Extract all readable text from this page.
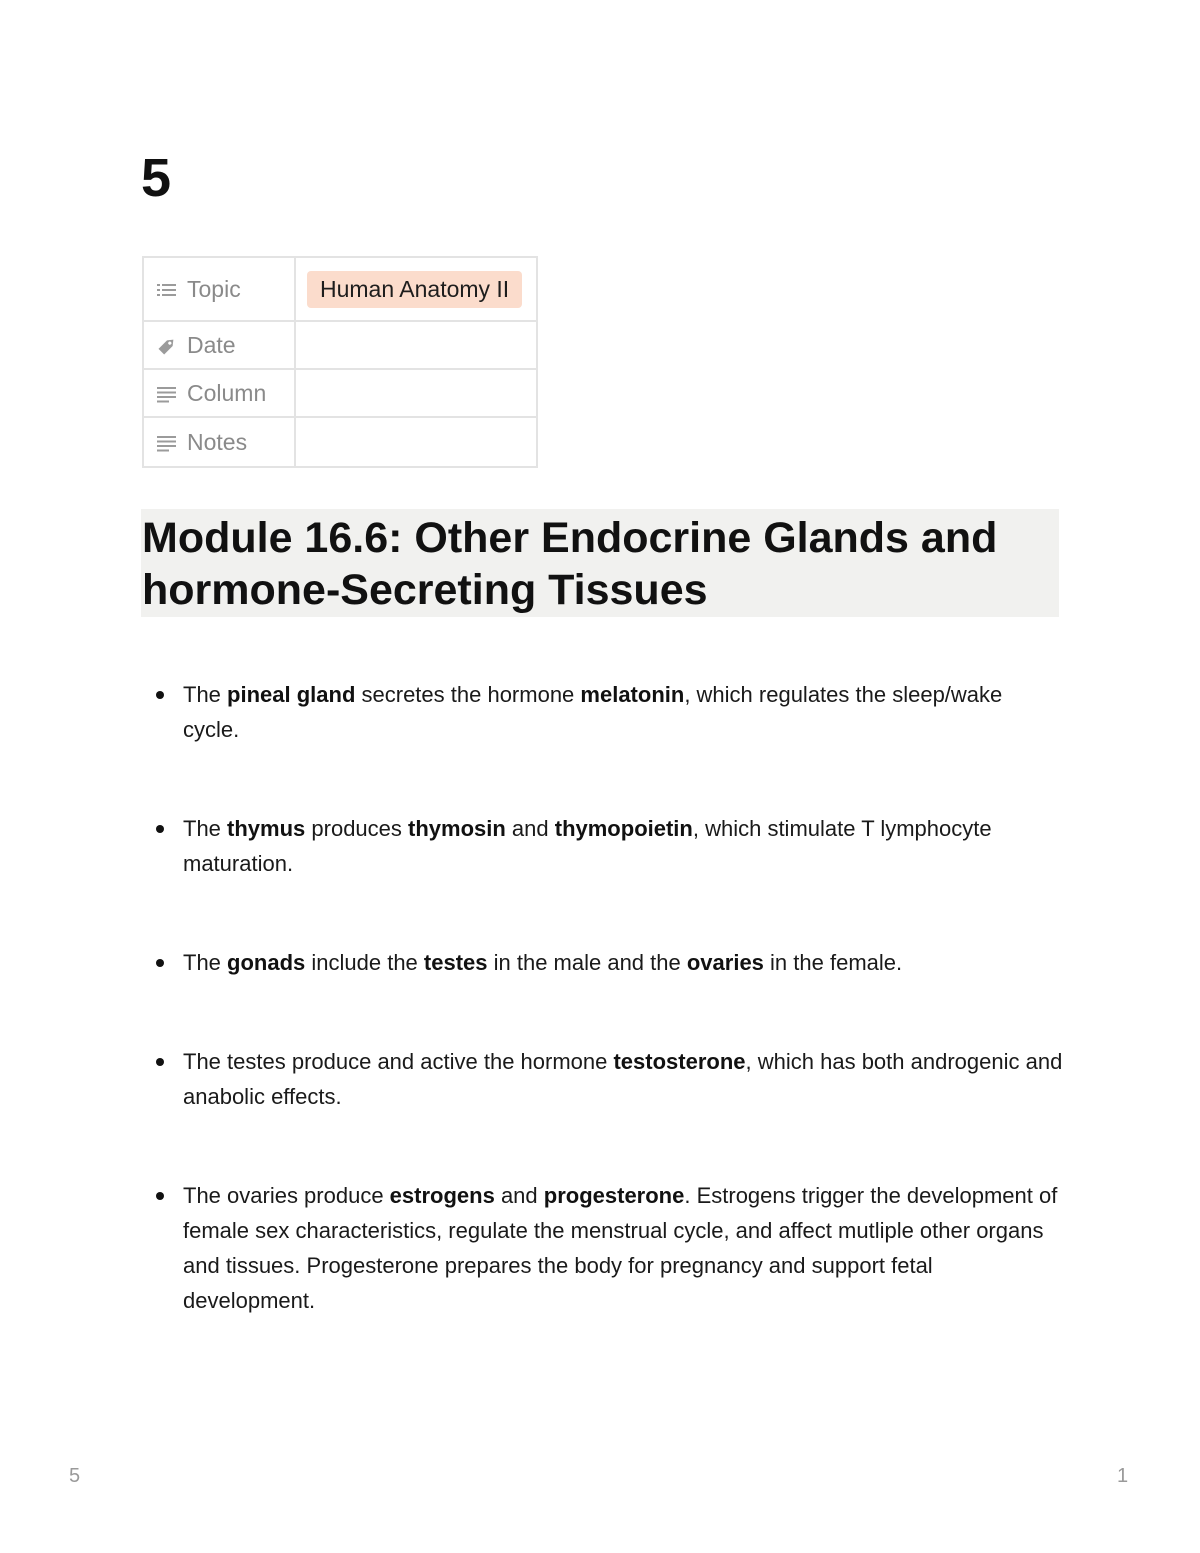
5
Topic	Human Anatomy II

Date	

Column	

Notes	
Module 16.6: Other Endocrine Glands and hormone-Secreting Tissues
The pineal gland secretes the hormone melatonin, which regulates the sleep/wake cycle.
The thymus produces thymosin and thymopoietin, which stimulate T lymphocyte maturation.
The gonads include the testes in the male and the ovaries in the female.
The testes produce and active the hormone testosterone, which has both androgenic and anabolic effects.
The ovaries produce estrogens and progesterone. Estrogens trigger the development of female sex characteristics, regulate the menstrual cycle, and affect mutliple other organs and tissues. Progesterone prepares the body for pregnancy and support fetal development.
5	1
